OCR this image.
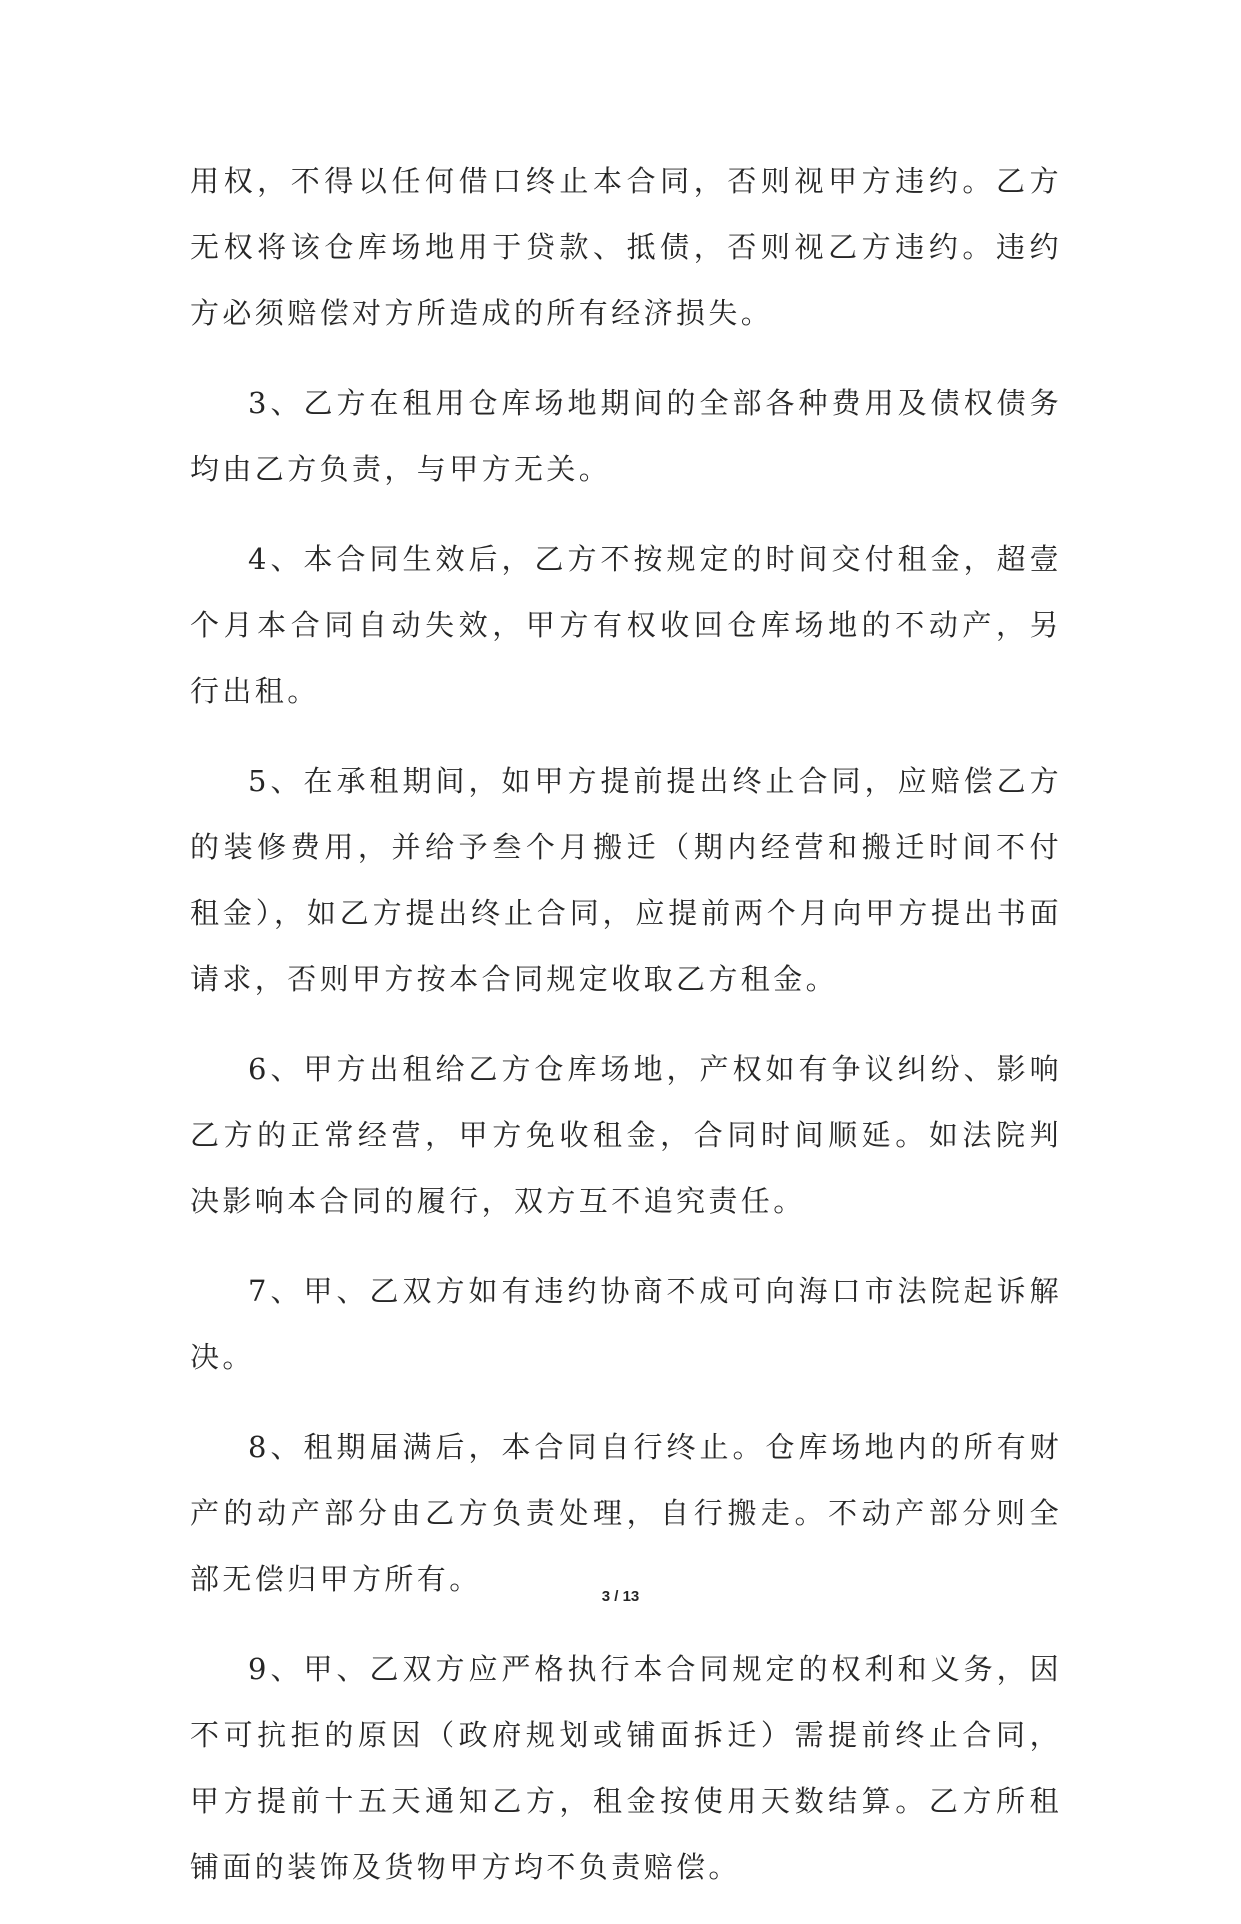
用权，不得以任何借口终止本合同，否则视甲方违约。乙方无权将该仓库场地用于贷款、抵债，否则视乙方违约。违约方必须赔偿对方所造成的所有经济损失。

3、乙方在租用仓库场地期间的全部各种费用及债权债务均由乙方负责，与甲方无关。

4、本合同生效后，乙方不按规定的时间交付租金，超壹个月本合同自动失效，甲方有权收回仓库场地的不动产，另行出租。

5、在承租期间，如甲方提前提出终止合同，应赔偿乙方的装修费用，并给予叁个月搬迁（期内经营和搬迁时间不付租金），如乙方提出终止合同，应提前两个月向甲方提出书面请求，否则甲方按本合同规定收取乙方租金。

6、甲方出租给乙方仓库场地，产权如有争议纠纷、影响乙方的正常经营，甲方免收租金，合同时间顺延。如法院判决影响本合同的履行，双方互不追究责任。

7、甲、乙双方如有违约协商不成可向海口市法院起诉解决。

8、租期届满后，本合同自行终止。仓库场地内的所有财产的动产部分由乙方负责处理，自行搬走。不动产部分则全部无偿归甲方所有。

9、甲、乙双方应严格执行本合同规定的权利和义务，因不可抗拒的原因（政府规划或铺面拆迁）需提前终止合同，甲方提前十五天通知乙方，租金按使用天数结算。乙方所租铺面的装饰及货物甲方均不负责赔偿。

3 / 13
